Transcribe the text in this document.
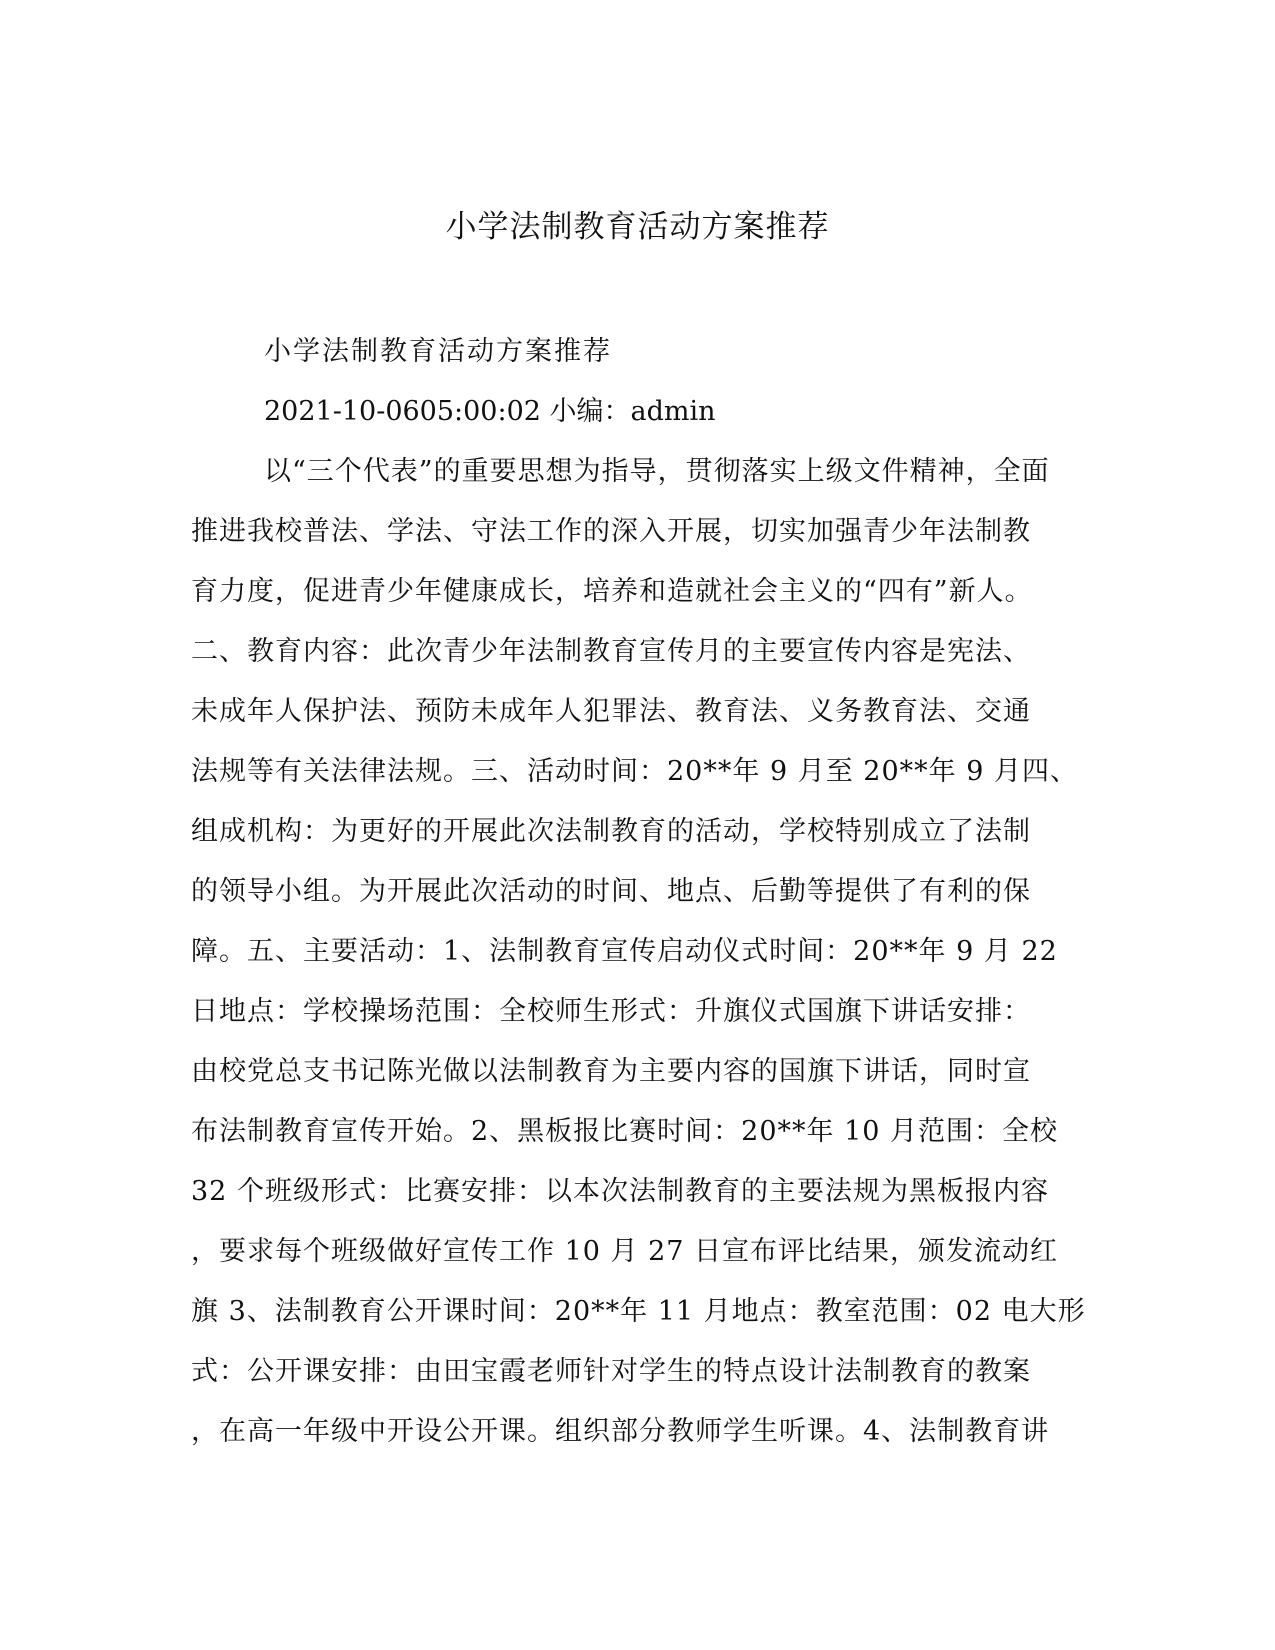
小学法制教育活动方案推荐

小学法制教育活动方案推荐

2021-10-0605:00:02 小编：admin

以“三个代表”的重要思想为指导，贯彻落实上级文件精神，全面
推进我校普法、学法、守法工作的深入开展，切实加强青少年法制教
育力度，促进青少年健康成长，培养和造就社会主义的“四有”新人。
二、教育内容：此次青少年法制教育宣传月的主要宣传内容是宪法、
未成年人保护法、预防未成年人犯罪法、教育法、义务教育法、交通
法规等有关法律法规。三、活动时间：20**年 9 月至 20**年 9 月四、
组成机构：为更好的开展此次法制教育的活动，学校特别成立了法制
的领导小组。为开展此次活动的时间、地点、后勤等提供了有利的保
障。五、主要活动：1、法制教育宣传启动仪式时间：20**年 9 月 22
日地点：学校操场范围：全校师生形式：升旗仪式国旗下讲话安排：
由校党总支书记陈光做以法制教育为主要内容的国旗下讲话，同时宣
布法制教育宣传开始。2、黑板报比赛时间：20**年 10 月范围：全校
32 个班级形式：比赛安排：以本次法制教育的主要法规为黑板报内容
，要求每个班级做好宣传工作 10 月 27 日宣布评比结果，颁发流动红
旗 3、法制教育公开课时间：20**年 11 月地点：教室范围：02 电大形
式：公开课安排：由田宝霞老师针对学生的特点设计法制教育的教案
，在高一年级中开设公开课。组织部分教师学生听课。4、法制教育讲
